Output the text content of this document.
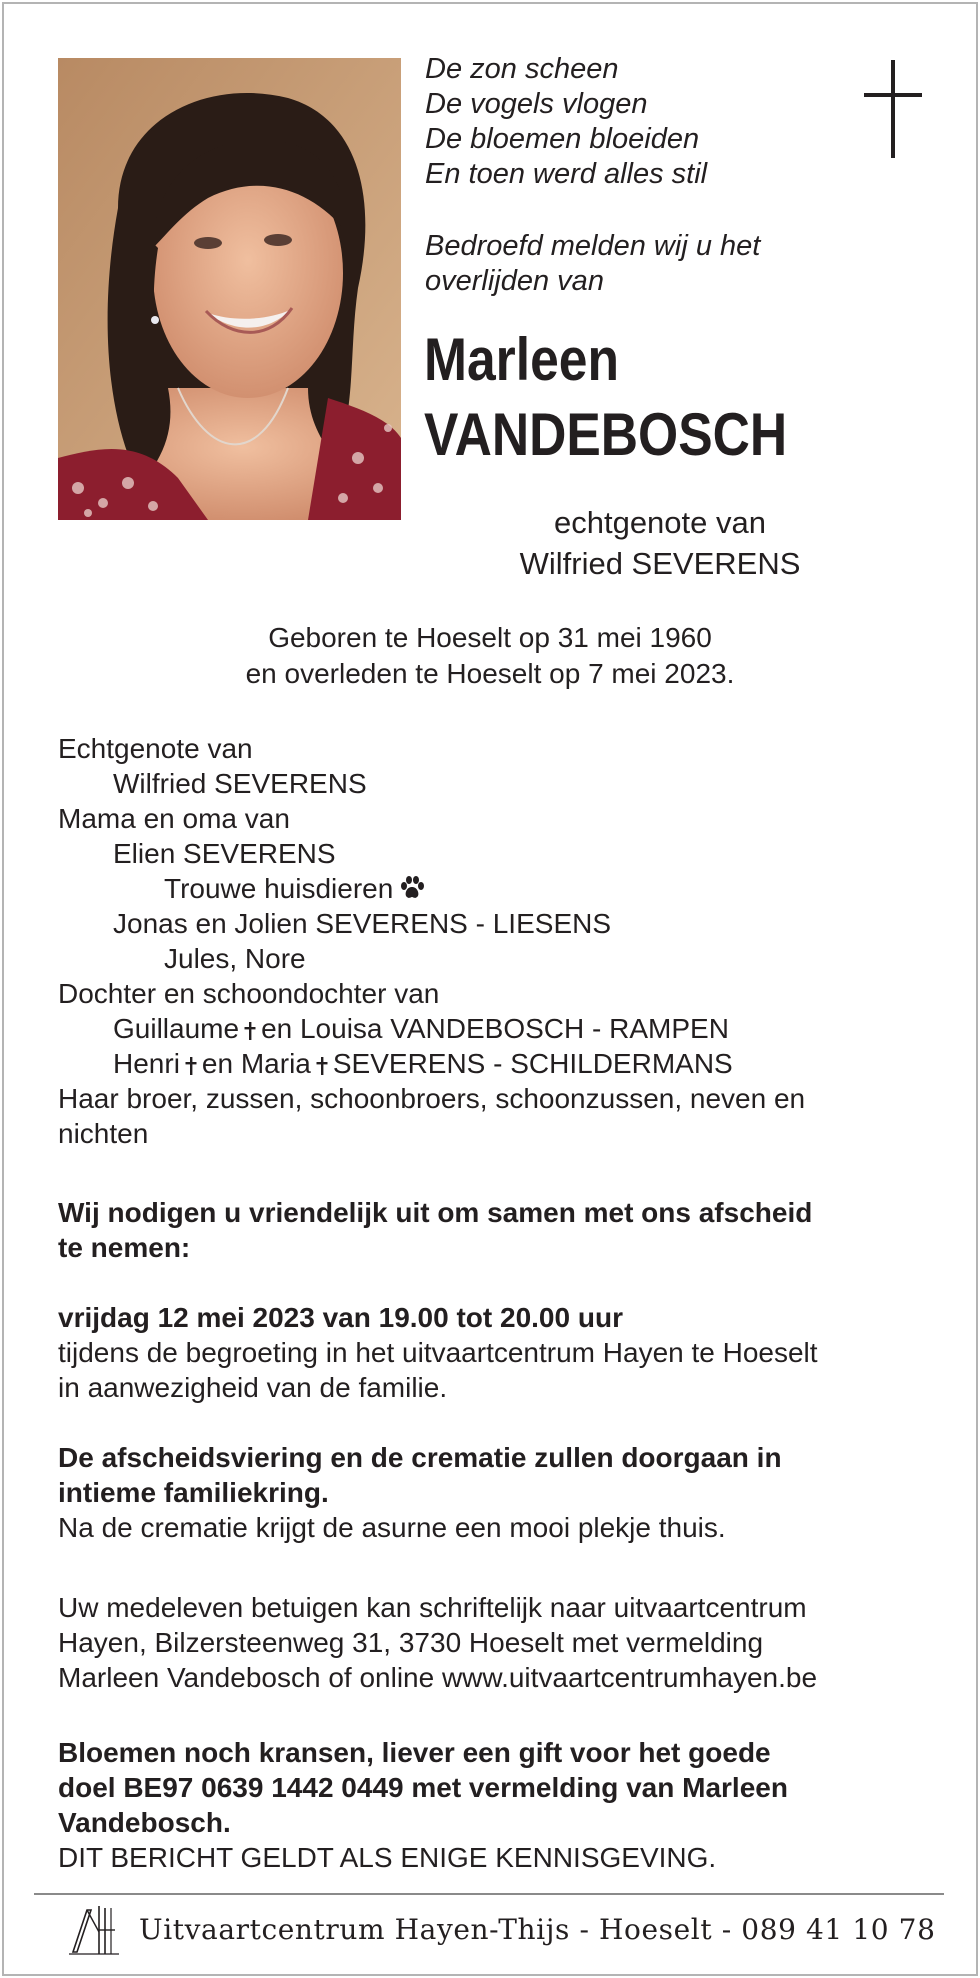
De zon scheen
De vogels vlogen
De bloemen bloeiden
En toen werd alles stil
Bedroefd melden wij u het
overlijden van
Marleen
VANDEBOSCH
echtgenote van
Wilfried SEVERENS
Geboren te Hoeselt op 31 mei 1960
en overleden te Hoeselt op 7 mei 2023.
Echtgenote van
Wilfried SEVERENS
Mama en oma van
Elien SEVERENS
Trouwe huisdieren
Jonas en Jolien SEVERENS - LIESENS
Jules, Nore
Dochter en schoondochter van
Guillaume en Louisa VANDEBOSCH - RAMPEN
Henri en Maria SEVERENS - SCHILDERMANS
Haar broer, zussen, schoonbroers, schoonzussen, neven en
nichten
Wij nodigen u vriendelijk uit om samen met ons afscheid
te nemen:
vrijdag 12 mei 2023 van 19.00 tot 20.00 uur
tijdens de begroeting in het uitvaartcentrum Hayen te Hoeselt
in aanwezigheid van de familie.
De afscheidsviering en de crematie zullen doorgaan in
intieme familiekring.
Na de crematie krijgt de asurne een mooi plekje thuis.
Uw medeleven betuigen kan schriftelijk naar uitvaartcentrum
Hayen, Bilzersteenweg 31, 3730 Hoeselt met vermelding
Marleen Vandebosch of online www.uitvaartcentrumhayen.be
Bloemen noch kransen, liever een gift voor het goede
doel BE97 0639 1442 0449 met vermelding van Marleen
Vandebosch.
DIT BERICHT GELDT ALS ENIGE KENNISGEVING.
Uitvaartcentrum Hayen-Thijs - Hoeselt - 089 41 10 78
